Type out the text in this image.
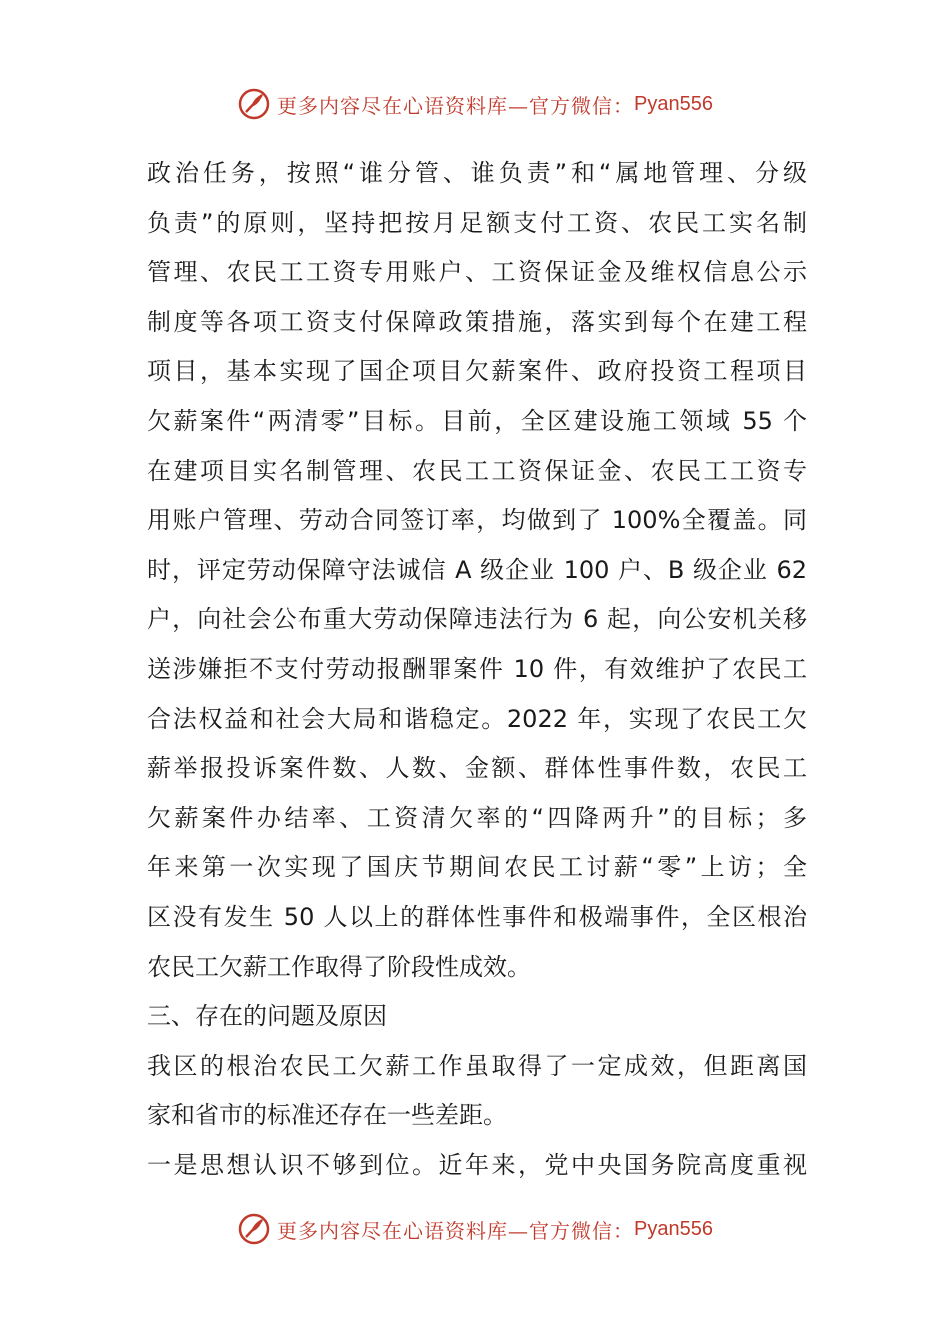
更多内容尽在心语资料库—官方微信： Pyan556
政治任务，按照“谁分管、谁负责”和“属地管理、分级
负责”的原则，坚持把按月足额支付工资、农民工实名制
管理、农民工工资专用账户、工资保证金及维权信息公示
制度等各项工资支付保障政策措施，落实到每个在建工程
项目，基本实现了国企项目欠薪案件、政府投资工程项目
欠薪案件“两清零”目标。目前，全区建设施工领域 55 个
在建项目实名制管理、农民工工资保证金、农民工工资专
用账户管理、劳动合同签订率，均做到了 100%全覆盖。同
时，评定劳动保障守法诚信 A 级企业 100 户、B 级企业 62
户，向社会公布重大劳动保障违法行为 6 起，向公安机关移
送涉嫌拒不支付劳动报酬罪案件 10 件，有效维护了农民工
合法权益和社会大局和谐稳定。2022 年，实现了农民工欠
薪举报投诉案件数、人数、金额、群体性事件数，农民工
欠薪案件办结率、工资清欠率的“四降两升”的目标；多
年来第一次实现了国庆节期间农民工讨薪“零”上访；全
区没有发生 50 人以上的群体性事件和极端事件，全区根治
农民工欠薪工作取得了阶段性成效。
三、存在的问题及原因
我区的根治农民工欠薪工作虽取得了一定成效，但距离国
家和省市的标准还存在一些差距。
一是思想认识不够到位。近年来，党中央国务院高度重视
更多内容尽在心语资料库—官方微信： Pyan556
